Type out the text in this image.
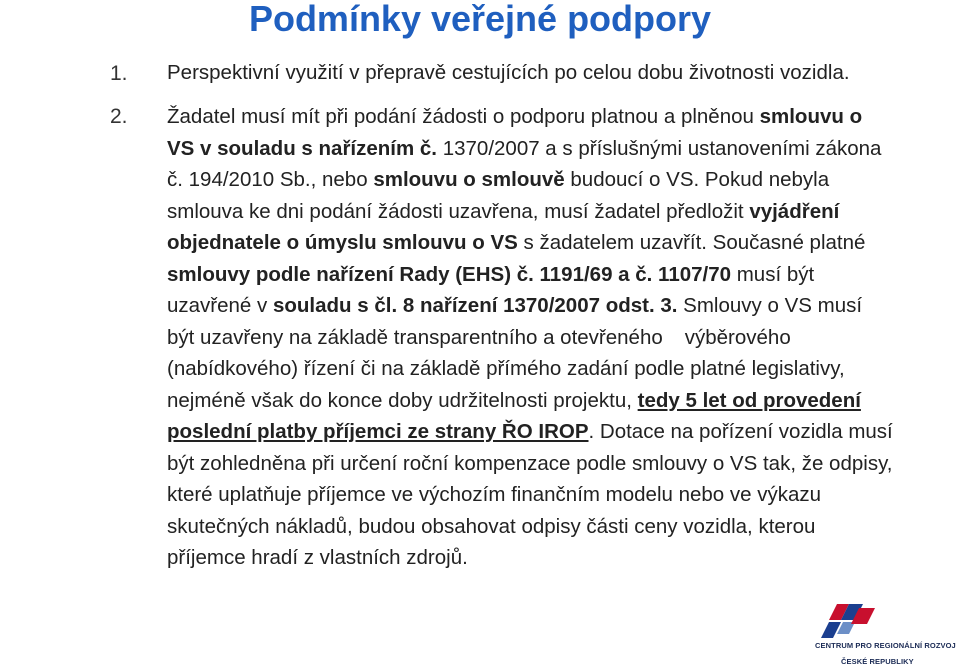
Podmínky veřejné podpory
1.	Perspektivní využití v přepravě cestujících po celou dobu životnosti vozidla.
2.	Žadatel musí mít při podání žádosti o podporu platnou a plněnou smlouvu o VS v souladu s nařízením č. 1370/2007 a s příslušnými ustanoveními zákona č. 194/2010 Sb., nebo smlouvu o smlouvě budoucí o VS. Pokud nebyla smlouva ke dni podání žádosti uzavřena, musí žadatel předložit vyjádření objednatele o úmyslu smlouvu o VS s žadatelem uzavřít. Současné platné smlouvy podle nařízení Rady (EHS) č. 1191/69 a č. 1107/70 musí být uzavřené v souladu s čl. 8 nařízení 1370/2007 odst. 3. Smlouvy o VS musí být uzavřeny na základě transparentního a otevřeného výběrového (nabídkového) řízení či na základě přímého zadání podle platné legislativy, nejméně však do konce doby udržitelnosti projektu, tedy 5 let od provedení poslední platby příjemci ze strany ŘO IROP. Dotace na pořízení vozidla musí být zohledněna při určení roční kompenzace podle smlouvy o VS tak, že odpisy, které uplatňuje příjemce ve výchozím finančním modelu nebo ve výkazu skutečných nákladů, budou obsahovat odpisy části ceny vozidla, kterou příjemce hradí z vlastních zdrojů.
CENTRUM PRO REGIONÁLNÍ ROZVOJ
ČESKÉ REPUBLIKY
